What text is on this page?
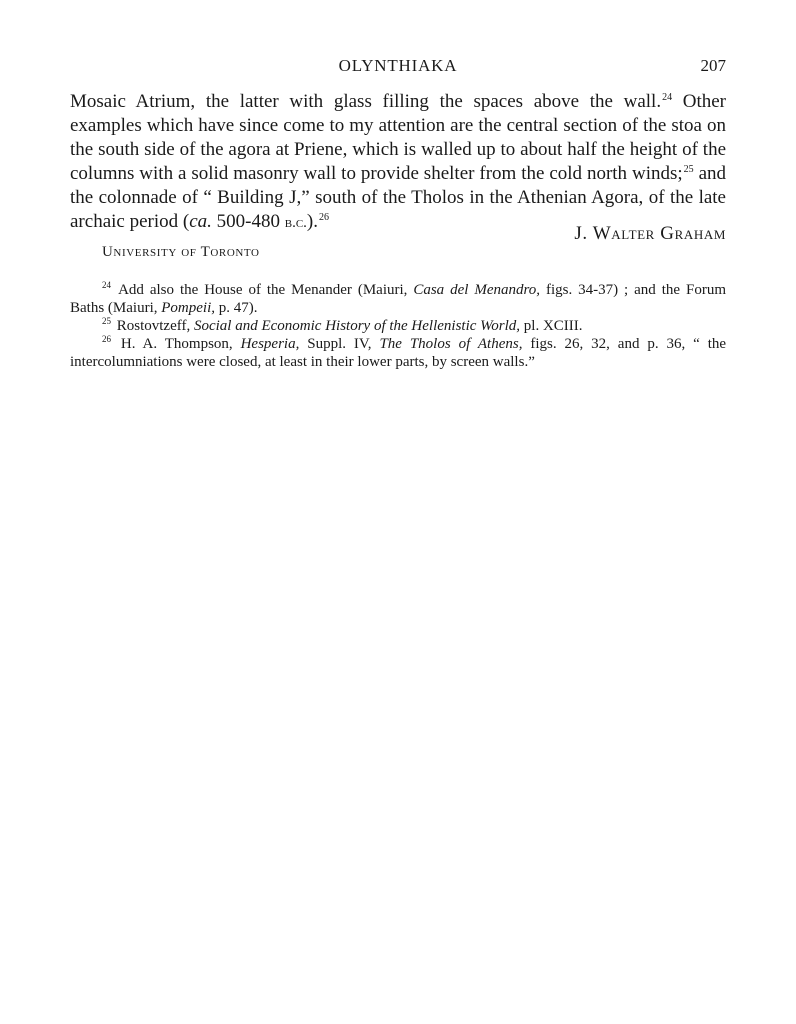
OLYNTHIAKA	207

Mosaic Atrium, the latter with glass filling the spaces above the wall.$^{24}$ Other examples which have since come to my attention are the central section of the stoa on the south side of the agora at Priene, which is walled up to about half the height of the columns with a solid masonry wall to provide shelter from the cold north winds;$^{25}$ and the colonnade of “ Building J,” south of the Tholos in the Athenian Agora, of the late archaic period (ca. 500-480 b.c.).$^{26}$

J. Walter Graham
University of Toronto

$^{24}$ Add also the House of the Menander (Maiuri, Casa del Menandro, figs. 34-37) ; and the Forum Baths (Maiuri, Pompeii, p. 47).

$^{25}$ Rostovtzeff, Social and Economic History of the Hellenistic World, pl. XCIII.

$^{26}$ H. A. Thompson, Hesperia, Suppl. IV, The Tholos of Athens, figs. 26, 32, and p. 36, “ the intercolumniations were closed, at least in their lower parts, by screen walls.”
